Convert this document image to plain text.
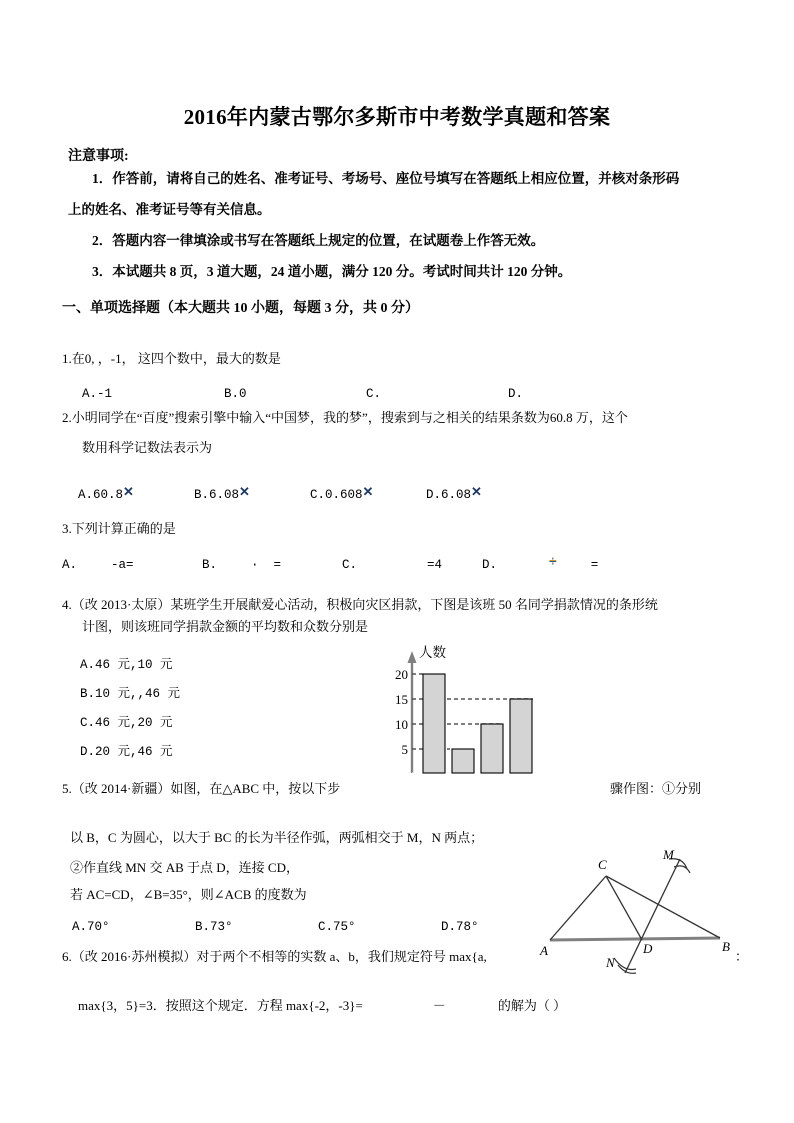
2016年内蒙古鄂尔多斯市中考数学真题和答案
注意事项:
1．作答前，请将自己的姓名、准考证号、考场号、座位号填写在答题纸上相应位置，并核对条形码
上的姓名、准考证号等有关信息。
2．答题内容一律填涂或书写在答题纸上规定的位置，在试题卷上作答无效。
3．本试题共 8 页，3 道大题，24 道小题，满分 120 分。考试时间共计 120 分钟。
一、单项选择题（本大题共 10 小题，每题 3 分，共 0 分）
1.在0, ，-1， 这四个数中，最大的数是
A.-1	B.0	C.	D.
2.小明同学在“百度”搜索引擎中输入“中国梦，我的梦”，搜索到与之相关的结果条数为60.8 万，这个
数用科学记数法表示为
A.60.8✕	B.6.08✕	C.0.608✕	D.6.08✕
3.下列计算正确的是
A.	-a=	B.	·  =	C.	=4	D.	÷	=
4.（改 2013·太原）某班学生开展献爱心活动，积极向灾区捐款，下图是该班 50 名同学捐款情况的条形统
计图，则该班同学捐款金额的平均数和众数分别是
A.46 元,10 元
B.10 元,,46 元
C.46 元,20 元
D.20 元,46 元
20
15
10
5
人数
5.（改 2014·新疆）如图，在△ABC 中，按以下步	骤作图：①分别
以 B，C 为圆心，以大于 BC 的长为半径作弧，两弧相交于 M，N 两点；
②作直线 MN 交 AB 于点 D，连接 CD，
若 AC=CD，∠B=35°，则∠ACB 的度数为
A.70°	B.73°	C.75°	D.78°
A	B
C
D
M
N
6.（改 2016·苏州模拟）对于两个不相等的实数 a、b，我们规定符号 max{a,	：
max{3，5}=3．按照这个规定．方程 max{-2，-3}=	－	的解为（ ）
